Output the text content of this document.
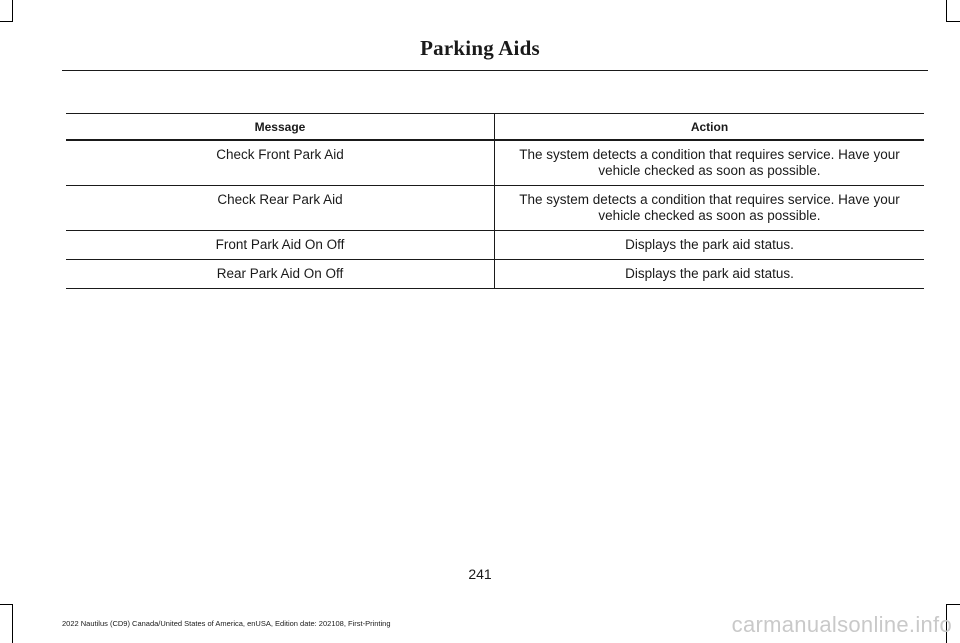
Parking Aids
Message	Action
Check Front Park Aid	The system detects a condition that requires service. Have your vehicle checked as soon as possible.
Check Rear Park Aid	The system detects a condition that requires service. Have your vehicle checked as soon as possible.
Front Park Aid On Off	Displays the park aid status.
Rear Park Aid On Off	Displays the park aid status.
241
2022 Nautilus (CD9) Canada/United States of America, enUSA, Edition date: 202108, First-Printing	carmanualsonline.info
